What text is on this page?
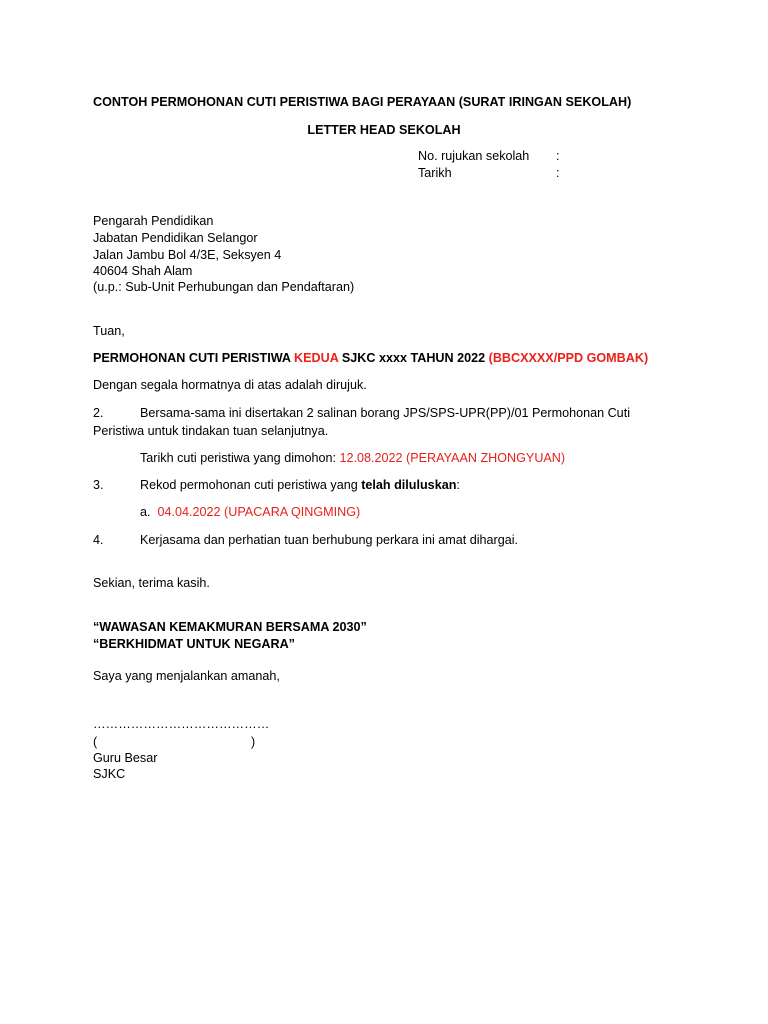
CONTOH PERMOHONAN CUTI PERISTIWA BAGI PERAYAAN (SURAT IRINGAN SEKOLAH)
LETTER HEAD SEKOLAH
No. rujukan sekolah :
Tarikh	:
Pengarah Pendidikan
Jabatan Pendidikan Selangor
Jalan Jambu Bol 4/3E, Seksyen 4
40604 Shah Alam
(u.p.: Sub-Unit Perhubungan dan Pendaftaran)
Tuan,
PERMOHONAN CUTI PERISTIWA KEDUA SJKC xxxx TAHUN 2022 (BBCXXXX/PPD GOMBAK)
Dengan segala hormatnya di atas adalah dirujuk.
2.	Bersama-sama ini disertakan 2 salinan borang JPS/SPS-UPR(PP)/01 Permohonan Cuti
Peristiwa untuk tindakan tuan selanjutnya.
Tarikh cuti peristiwa yang dimohon: 12.08.2022 (PERAYAAN ZHONGYUAN)
3.	Rekod permohonan cuti peristiwa yang telah diluluskan:
a. 04.04.2022 (UPACARA QINGMING)
4.	Kerjasama dan perhatian tuan berhubung perkara ini amat dihargai.
Sekian, terima kasih.
“WAWASAN KEMAKMURAN BERSAMA 2030”
“BERKHIDMAT UNTUK NEGARA”
Saya yang menjalankan amanah,
……………………………………
(	)
Guru Besar
SJKC
